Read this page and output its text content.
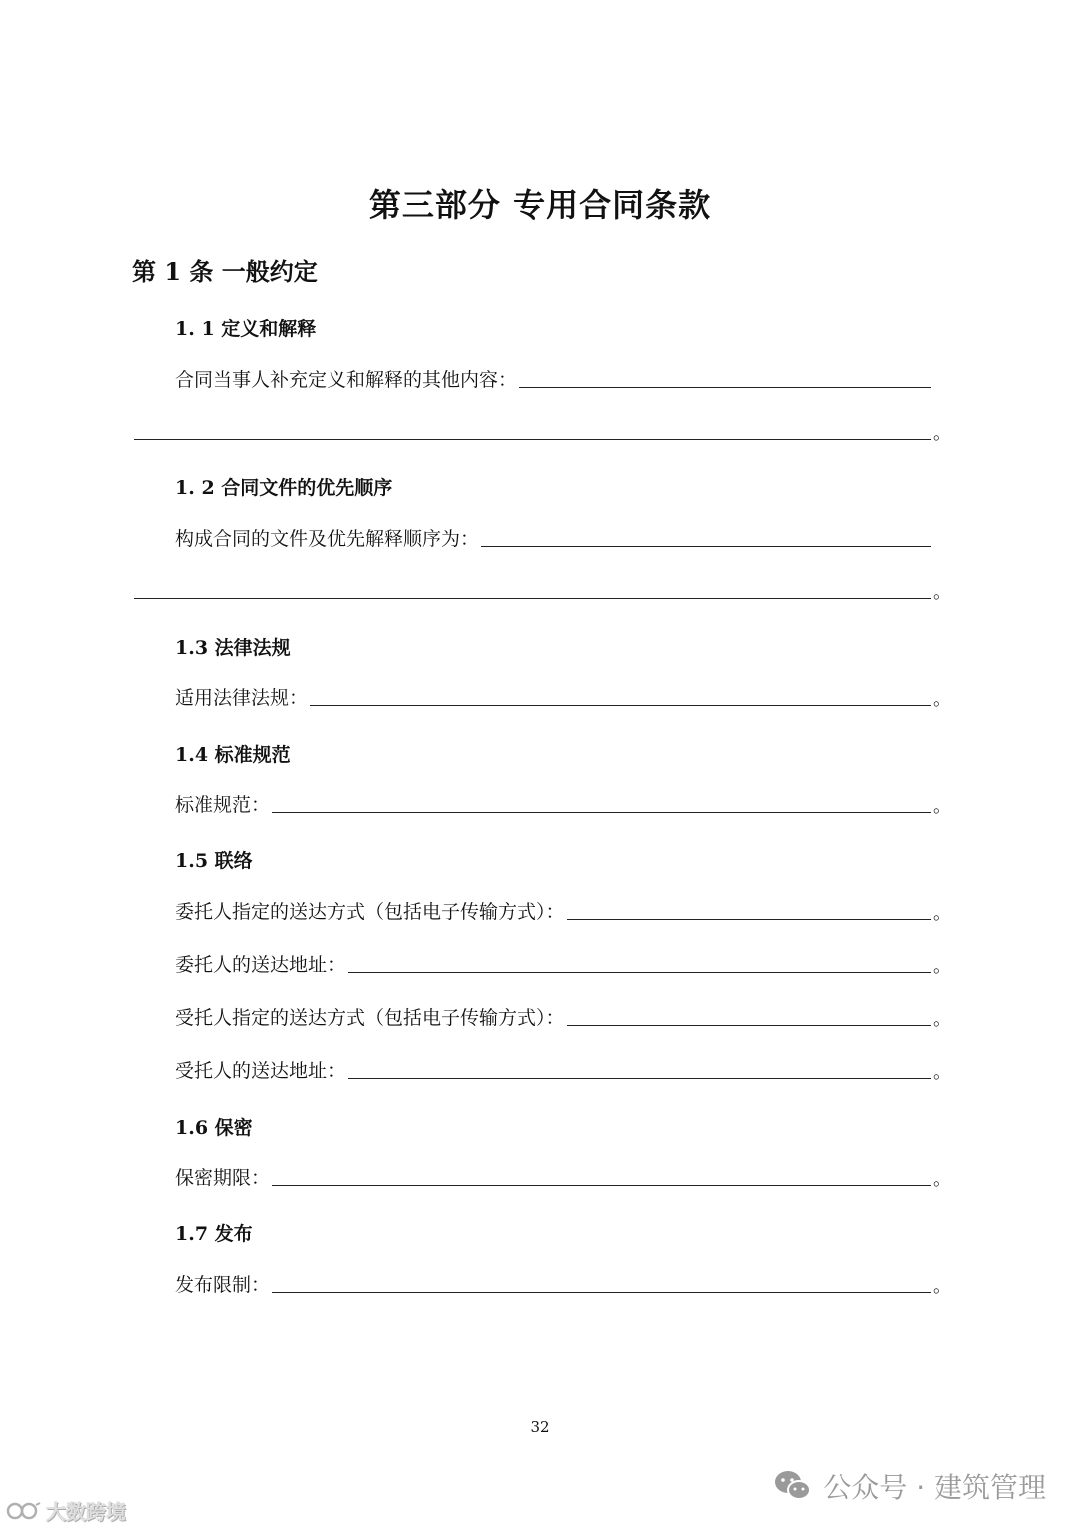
第三部分 专用合同条款
第 1 条 一般约定
1. 1 定义和解释
合同当事人补充定义和解释的其他内容：
。
1. 2 合同文件的优先顺序
构成合同的文件及优先解释顺序为：
。
1.3 法律法规
适用法律法规：	。
1.4 标准规范
标准规范：	。
1.5 联络
委托人指定的送达方式（包括电子传输方式）：	。
委托人的送达地址：	。
受托人指定的送达方式（包括电子传输方式）：	。
受托人的送达地址：	。
1.6 保密
保密期限：	。
1.7 发布
发布限制：	。
32
公众号 · 建筑管理
大数跨境
